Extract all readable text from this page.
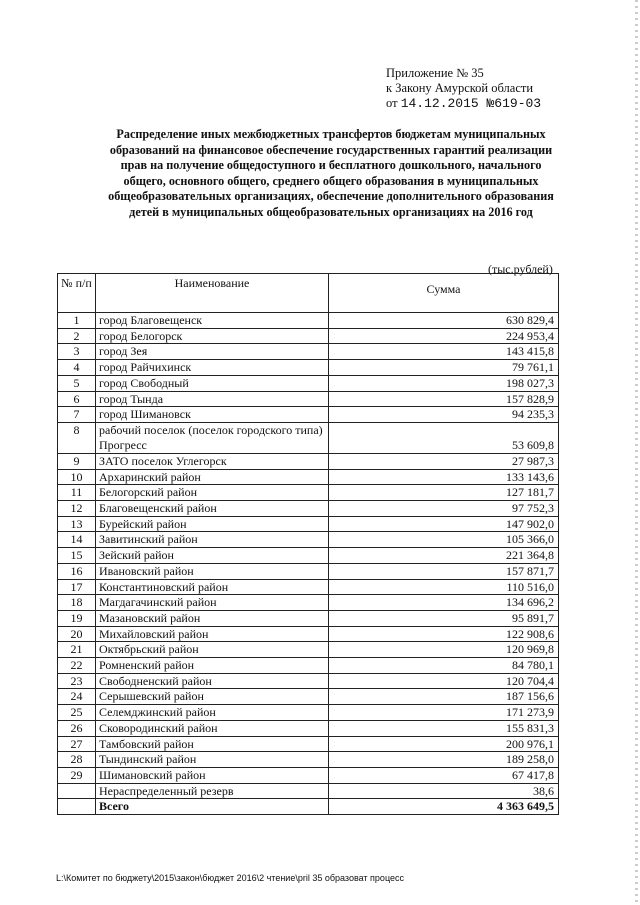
Приложение № 35
к Закону Амурской области
от 14.12.2015 №619-03
Распределение иных межбюджетных трансфертов бюджетам муниципальных образований на финансовое обеспечение государственных гарантий реализации прав на получение общедоступного и бесплатного дошкольного, начального общего, основного общего, среднего общего образования в муниципальных общеобразовательных организациях, обеспечение дополнительного образования детей в муниципальных общеобразовательных организациях на 2016 год
(тыс.рублей)
№ п/п	Наименование	Сумма
1	город Благовещенск	630 829,4
2	город Белогорск	224 953,4
3	город Зея	143 415,8
4	город Райчихинск	79 761,1
5	город Свободный	198 027,3
6	город Тында	157 828,9
7	город Шимановск	94 235,3
8	рабочий поселок (поселок городского типа) Прогресс	53 609,8
9	ЗАТО поселок Углегорск	27 987,3
10	Архаринский район	133 143,6
11	Белогорский район	127 181,7
12	Благовещенский район	97 752,3
13	Бурейский район	147 902,0
14	Завитинский район	105 366,0
15	Зейский район	221 364,8
16	Ивановский район	157 871,7
17	Константиновский район	110 516,0
18	Магдагачинский район	134 696,2
19	Мазановский район	95 891,7
20	Михайловский район	122 908,6
21	Октябрьский район	120 969,8
22	Ромненский район	84 780,1
23	Свободненский район	120 704,4
24	Серышевский район	187 156,6
25	Селемджинский район	171 273,9
26	Сковородинский район	155 831,3
27	Тамбовский район	200 976,1
28	Тындинский район	189 258,0
29	Шимановский район	67 417,8
	Нераспределенный резерв	38,6
	Всего	4 363 649,5
L:\Комитет по бюджету\2015\закон\бюджет 2016\2 чтение\pril 35 образоват процесс
